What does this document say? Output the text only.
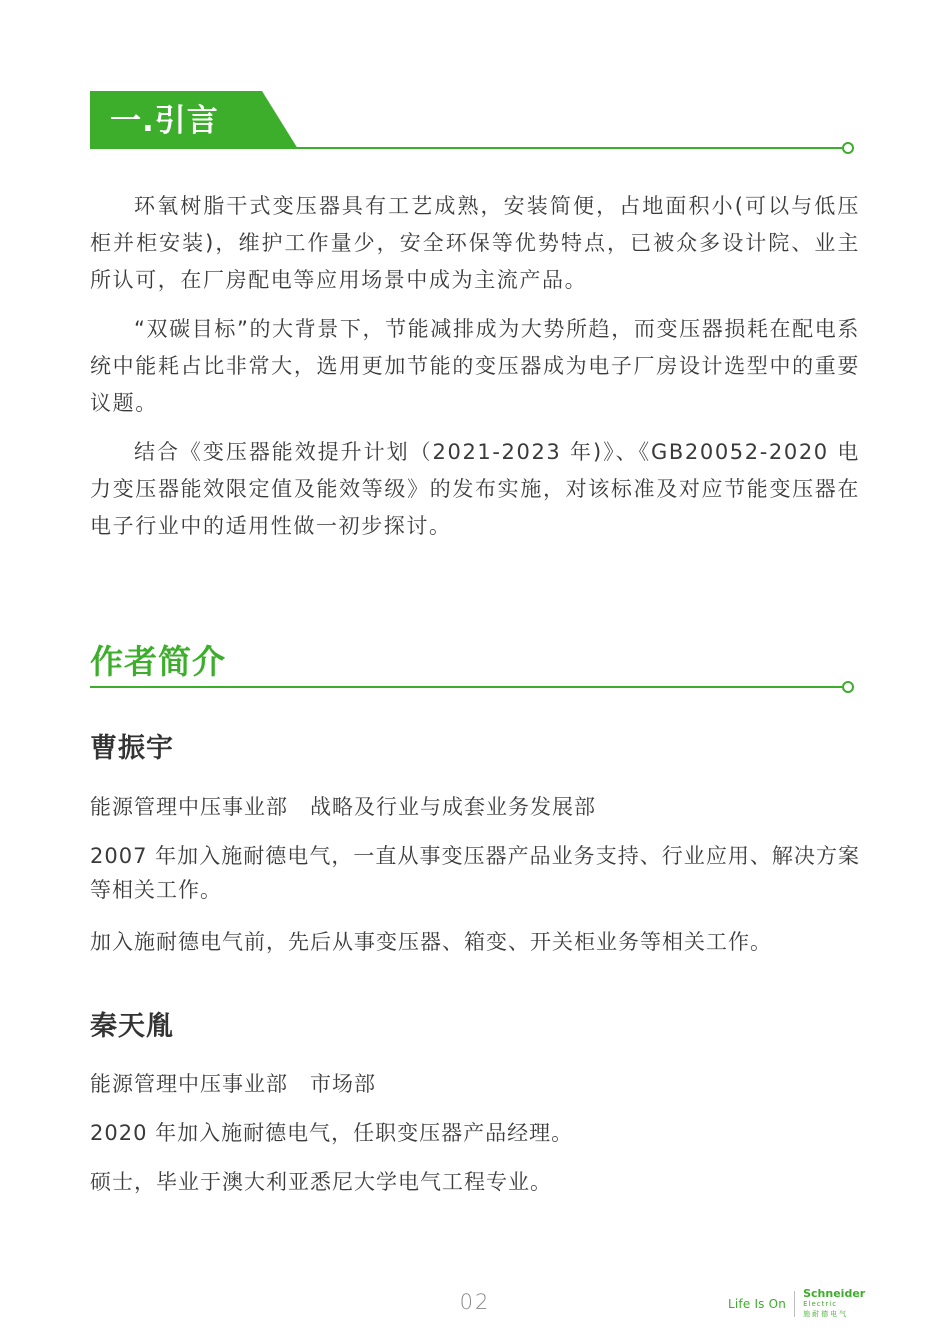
一.引言

环氧树脂干式变压器具有工艺成熟，安装简便，占地面积小(可以与低压柜并柜安装)，维护工作量少，安全环保等优势特点，已被众多设计院、业主所认可，在厂房配电等应用场景中成为主流产品。

“双碳目标”的大背景下，节能减排成为大势所趋，而变压器损耗在配电系统中能耗占比非常大，选用更加节能的变压器成为电子厂房设计选型中的重要议题。

结合《变压器能效提升计划（2021-2023 年)》、《GB20052-2020 电力变压器能效限定值及能效等级》的发布实施，对该标准及对应节能变压器在电子行业中的适用性做一初步探讨。

作者简介
曹振宇

能源管理中压事业部　战略及行业与成套业务发展部

2007 年加入施耐德电气，一直从事变压器产品业务支持、行业应用、解决方案等相关工作。

加入施耐德电气前，先后从事变压器、箱变、开关柜业务等相关工作。

秦天胤

能源管理中压事业部　市场部

2020 年加入施耐德电气，任职变压器产品经理。

硕士，毕业于澳大利亚悉尼大学电气工程专业。

02	Life Is On
Schneider
Electric
施耐德电气
